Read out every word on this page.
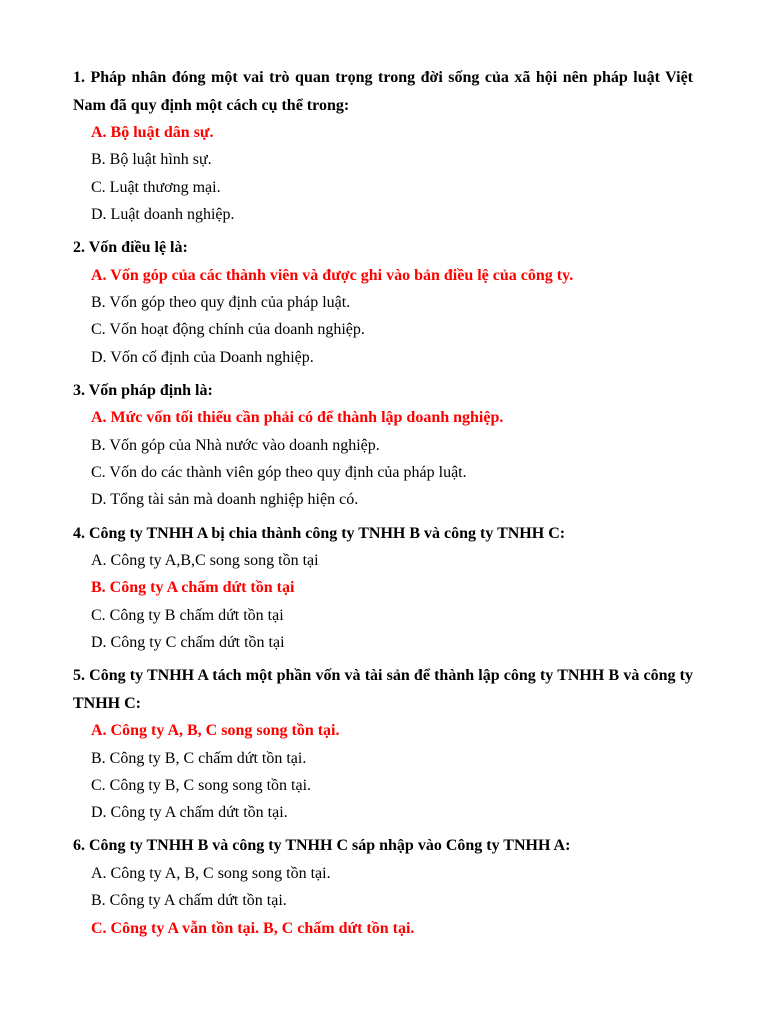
1. Pháp nhân đóng một vai trò quan trọng trong đời sống của xã hội nên pháp luật Việt Nam đã quy định một cách cụ thể trong:
A. Bộ luật dân sự.
B. Bộ luật hình sự.
C. Luật thương mại.
D. Luật doanh nghiệp.
2. Vốn điều lệ là:
A. Vốn góp của các thành viên và được ghi vào bản điều lệ của công ty.
B. Vốn góp theo quy định của pháp luật.
C. Vốn hoạt động chính của doanh nghiệp.
D. Vốn cố định của Doanh nghiệp.
3. Vốn pháp định là:
A. Mức vốn tối thiểu cần phải có để thành lập doanh nghiệp.
B. Vốn góp của Nhà nước vào doanh nghiệp.
C. Vốn do các thành viên góp theo quy định của pháp luật.
D. Tổng tài sản mà doanh nghiệp hiện có.
4. Công ty TNHH A bị chia thành công ty TNHH B và công ty TNHH C:
A. Công ty A,B,C song song tồn tại
B. Công ty A chấm dứt tồn tại
C. Công ty B chấm dứt tồn tại
D. Công ty C chấm dứt tồn tại
5. Công ty TNHH A tách một phần vốn và tài sản để thành lập công ty TNHH B và công ty TNHH C:
A. Công ty A, B, C song song tồn tại.
B. Công ty B, C chấm dứt tồn tại.
C. Công ty B, C song song tồn tại.
D. Công ty A chấm dứt tồn tại.
6. Công ty TNHH B và công ty TNHH C sáp nhập vào Công ty TNHH A:
A. Công ty A, B, C song song tồn tại.
B. Công ty A chấm dứt tồn tại.
C. Công ty A vẫn tồn tại. B, C chấm dứt tồn tại.
